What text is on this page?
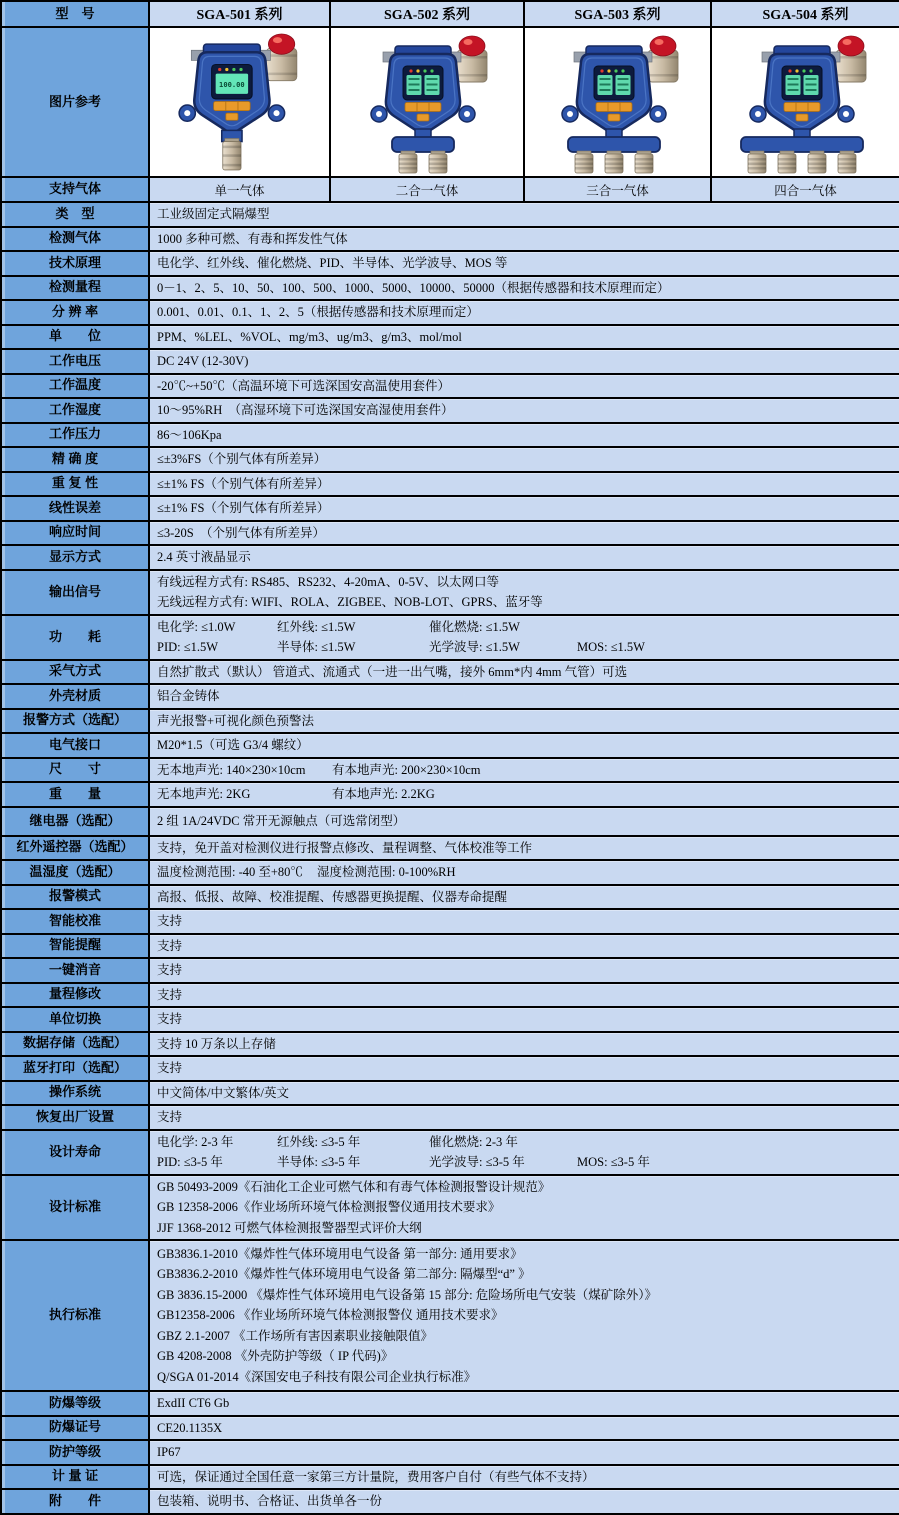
型　号	SGA-501 系列	SGA-502 系列	SGA-503 系列	SGA-504 系列
图片参考	100.00

支持气体	单一气体	二合一气体	三合一气体	四合一气体
类　型	工业级固定式隔爆型			

检测气体	1000 多种可燃、有毒和挥发性气体			

技术原理	电化学、红外线、催化燃烧、PID、半导体、光学波导、MOS 等			

检测量程	0－1、2、5、10、50、100、500、1000、5000、10000、50000（根据传感器和技术原理而定）			

分 辨 率	0.001、0.01、0.1、1、2、5（根据传感器和技术原理而定）			

单　　位	PPM、%LEL、%VOL、mg/m3、ug/m3、g/m3、mol/mol			

工作电压	DC 24V (12-30V)			

工作温度	-20℃~+50℃（高温环境下可选深国安高温使用套件）			

工作湿度	10～95%RH　（高湿环境下可选深国安高湿使用套件）			

工作压力	86～106Kpa			

精 确 度	≤±3%FS（个别气体有所差异）			

重 复 性	≤±1% FS（个别气体有所差异）			

线性误差	≤±1% FS（个别气体有所差异）			

响应时间	≤3-20S　（个别气体有所差异）			

显示方式	2.4 英寸液晶显示			

输出信号	有线远程方式有: RS485、RS232、4-20mA、0-5V、以太网口等
无线远程方式有: WIFI、ROLA、ZIGBEE、NOB-LOT、GPRS、蓝牙等			

功　　耗	电化学: ≤1.0W 红外线: ≤1.5W 催化燃烧: ≤1.5W
PID: ≤1.5W 半导体: ≤1.5W 光学波导: ≤1.5W MOS: ≤1.5W			

采气方式	自然扩散式（默认） 管道式、流通式（一进一出气嘴，接外 6mm*内 4mm 气管）可选			

外壳材质	铝合金铸体			

报警方式（选配）	声光报警+可视化颜色预警法			

电气接口	M20*1.5（可选 G3/4 螺纹）			

尺　　寸	无本地声光: 140×230×10cm 有本地声光: 200×230×10cm			

重　　量	无本地声光: 2KG 有本地声光: 2.2KG			

继电器（选配）	2 组 1A/24VDC 常开无源触点（可选常闭型）			

红外遥控器（选配）	支持，免开盖对检测仪进行报警点修改、量程调整、气体校准等工作			

温湿度（选配）	温度检测范围: -40 至+80℃ 湿度检测范围: 0-100%RH			

报警模式	高报、低报、故障、校准提醒、传感器更换提醒、仪器寿命提醒			

智能校准	支持			

智能提醒	支持			

一键消音	支持			

量程修改	支持			

单位切换	支持			

数据存储（选配）	支持 10 万条以上存储			

蓝牙打印（选配）	支持			

操作系统	中文简体/中文繁体/英文			

恢复出厂设置	支持			

设计寿命	电化学: 2-3 年 红外线: ≤3-5 年 催化燃烧: 2-3 年
PID: ≤3-5 年 半导体: ≤3-5 年 光学波导: ≤3-5 年 MOS: ≤3-5 年			

设计标准	GB 50493-2009《石油化工企业可燃气体和有毒气体检测报警设计规范》
GB 12358-2006《作业场所环境气体检测报警仪通用技术要求》
JJF 1368-2012 可燃气体检测报警器型式评价大纲			

执行标准	
GB3836.1-2010《爆炸性气体环境用电气设备 第一部分: 通用要求》
GB3836.2-2010《爆炸性气体环境用电气设备 第二部分: 隔爆型“d” 》
GB 3836.15-2000 《爆炸性气体环境用电气设备第 15 部分: 危险场所电气安装（煤矿除外）》
GB12358-2006 《作业场所环境气体检测报警仪 通用技术要求》
GBZ 2.1-2007 《工作场所有害因素职业接触限值》
GB 4208-2008 《外壳防护等级（ IP 代码)》
Q/SGA 01-2014《深国安电子科技有限公司企业执行标准》

防爆等级	ExdII CT6 Gb			

防爆证号	CE20.1135X			

防护等级	IP67			

计 量 证	可选，保证通过全国任意一家第三方计量院，费用客户自付（有些气体不支持）			

附　　件	包装箱、说明书、合格证、出货单各一份			
